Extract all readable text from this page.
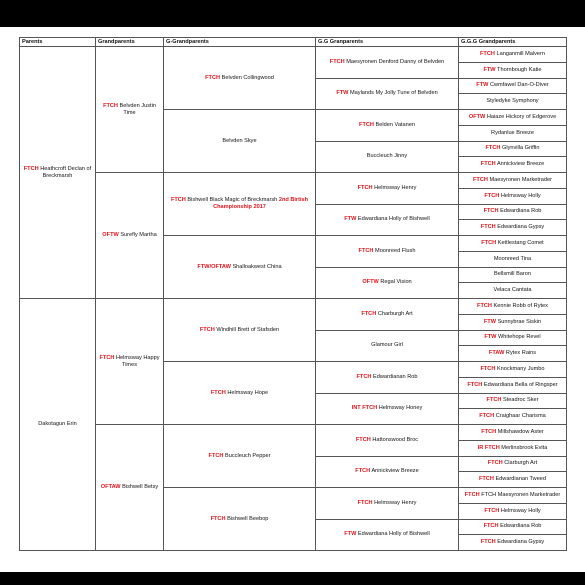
Parents	Grandparents	G-Grandparents	G.G Granparents	G.G.G Grandparents
FTCH Heathcroft Declan of Breckmarsh	FTCH Belvden Justin Time	FTCH Belvden Collingwood	FTCH Maesyronen Denford Danny of Belvden	FTCH Langanmill Malvern
				FTW Thornbough Katie
			FTW Maylands My Jolly Tune of Belvden	FTW Cwmfawel Dan-O-Diver
				Styledyke Symphony
		Belvden Skye	FTCH Belden Vatanen	OFTW Haiaze Hickory of Edgerove
				Rydanlue Breeze
			Buccleuch Jinny	FTCH Glynvilla Griffin
				FTCH Annickview Breeze
	OFTW Surefly Martha	FTCH Bishwell Black Magic of Breckmarsh 2nd Birtish Championship 2017	FTCH Helmsway Henry	FTCH Maesyronen Marketrader
				FTCH Helmsway Holly
			FTW Edwardiana Holly of Bishwell	FTCH Edwardiana Rob
				FTCH Edwardiana Gypsy
		FTW/OFTAW Shalloakwest China	FTCH Moonreed Flush	FTCH Kettlestang Comet
				Moonreed Tina
			OFTW Regal Vision	Bellsmill Baron
				Velaca Cantata
Dakotagun Erin	FTCH Helmsway Happy Times	FTCH Windhill Brett of Stafsden	FTCH Charburgh Art	FTCH Kennie Robb of Rytex
				FTW Sunnybrae Siskin
			Glamour Girl	FTW Whitehope Revel
				FTAW Rytex Rains
		FTCH Helmsway Hope	FTCH Edwardianan Rob	FTCH Knockmany Jumbo
				FTCH Edwardiana Bella of Ringsper
			INT FTCH Helmsway Honey	FTCH Steadroc Sker
				FTCH Craighaar Charisma
	OFTAW Bishwell Betsy	FTCH Buccleuch Pepper	FTCH Hattonswood Broc	FTCH Millshawdow Aster
				IR FTCH Merlinsbrook Evita
			FTCH Annickview Breeze	FTCH Clarburgh Art
				FTCH Edwardianan Tweed
		FTCH Bishwell Beebop	FTCH Helmsway Henry	FTCH FTCH Maesyronen Marketrader
				FTCH Helmsway Holly
			FTW Edwardiana Holly of Bishwell	FTCH Edwardiana Rob
				FTCH Edwardiana Gypsy
